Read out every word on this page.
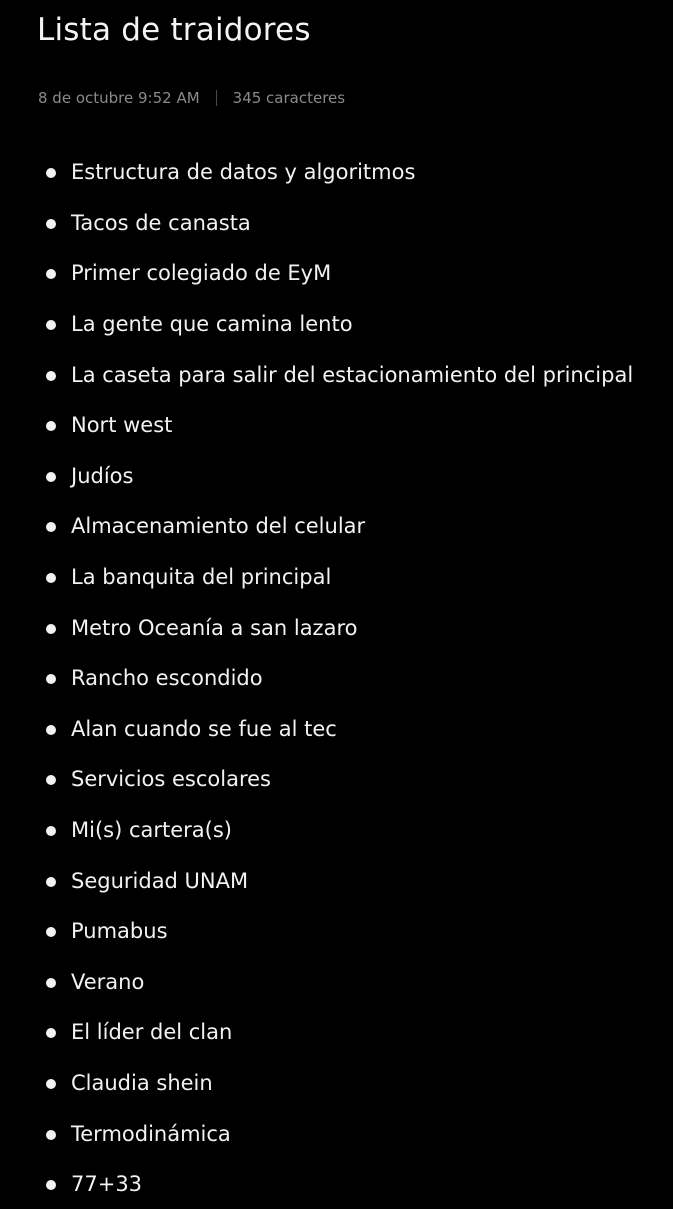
Lista de traidores
8 de octubre 9:52 AM 345 caracteres
Estructura de datos y algoritmos
Tacos de canasta
Primer colegiado de EyM
La gente que camina lento
La caseta para salir del estacionamiento del principal
Nort west
Judíos
Almacenamiento del celular
La banquita del principal
Metro Oceanía a san lazaro
Rancho escondido
Alan cuando se fue al tec
Servicios escolares
Mi(s) cartera(s)
Seguridad UNAM
Pumabus
Verano
El líder del clan
Claudia shein
Termodinámica
77+33
